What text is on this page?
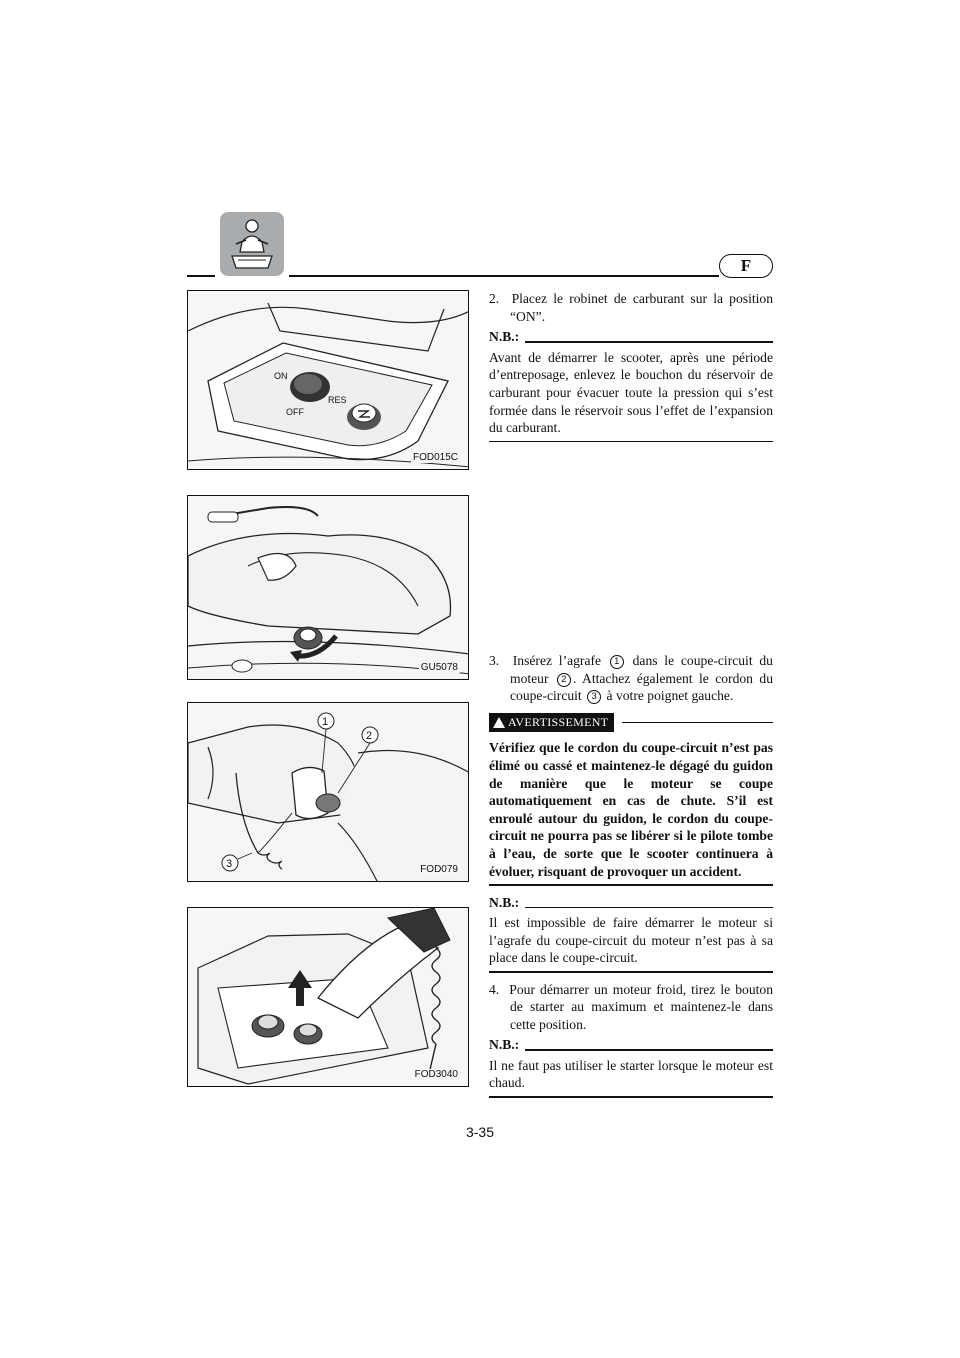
F
ON
RES
OFF
FOD015C
GU5078
1
2
3	FOD079
FOD3040
2. Placez le robinet de carburant sur la position “ON”.
N.B.:
Avant de démarrer le scooter, après une période d’entreposage, enlevez le bouchon du réservoir de carburant pour évacuer toute la pression qui s’est formée dans le réservoir sous l’effet de l’expansion du carburant.
3. Insérez l’agrafe 1 dans le coupe-circuit du moteur 2 . Attachez également le cordon du coupe-circuit 3 à votre poignet gauche.
AVERTISSEMENT
Vérifiez que le cordon du coupe-circuit n’est pas élimé ou cassé et maintenez-le dégagé du guidon de manière que le moteur se coupe automatiquement en cas de chute. S’il est enroulé autour du guidon, le cordon du coupe-circuit ne pourra pas se libérer si le pilote tombe à l’eau, de sorte que le scooter continuera à évoluer, risquant de provoquer un accident.
N.B.:
Il est impossible de faire démarrer le moteur si l’agrafe du coupe-circuit du moteur n’est pas à sa place dans le coupe-circuit.
4. Pour démarrer un moteur froid, tirez le bouton de starter au maximum et maintenez-le dans cette position.
N.B.:
Il ne faut pas utiliser le starter lorsque le moteur est chaud.
3-35
